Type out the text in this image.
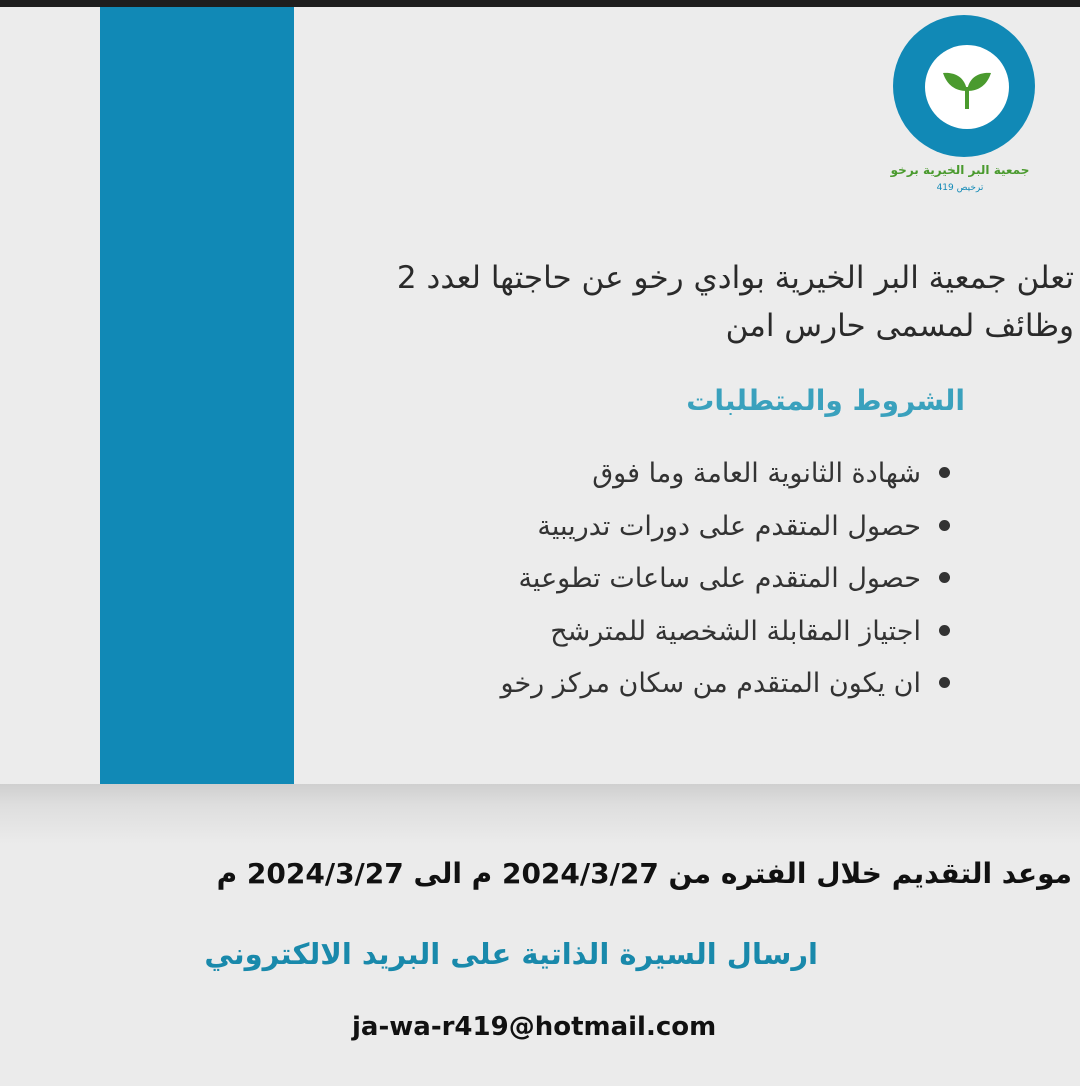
جمعية البر الخيرية برخو
ترخيص 419
تعلن جمعية البر الخيرية بوادي رخو عن حاجتها لعدد 2 وظائف لمسمى حارس امن
الشروط والمتطلبات
شهادة الثانوية العامة وما فوق
حصول المتقدم على دورات تدريبية
حصول المتقدم على ساعات تطوعية
اجتياز المقابلة الشخصية للمترشح
ان يكون المتقدم من سكان مركز رخو
موعد التقديم خلال الفتره من 2024/3/27 م الى 2024/3/27 م
ارسال السيرة الذاتية على البريد الالكتروني
ja-wa-r419@hotmail.com
